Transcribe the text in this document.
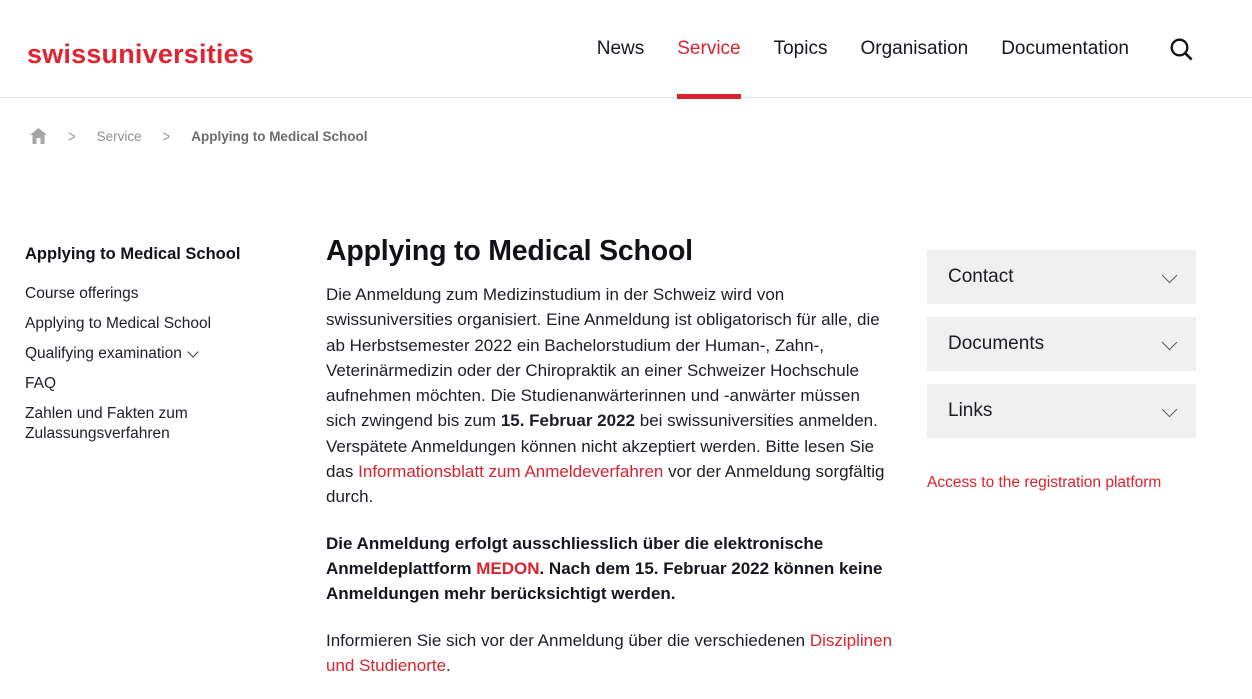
swissuniversities	News Service Topics Organisation Documentation
> Service > Applying to Medical School
Applying to Medical School
Course offerings
Applying to Medical School
Qualifying examination
FAQ
Zahlen und Fakten zum Zulassungsverfahren
Applying to Medical School

Die Anmeldung zum Medizinstudium in der Schweiz wird von swissuniversities organisiert. Eine Anmeldung ist obligatorisch für alle, die ab Herbstsemester 2022 ein Bachelorstudium der Human-, Zahn-, Veterinärmedizin oder der Chiropraktik an einer Schweizer Hochschule aufnehmen möchten. Die Studienanwärterinnen und -anwärter müssen sich zwingend bis zum 15. Februar 2022 bei swissuniversities anmelden. Verspätete Anmeldungen können nicht akzeptiert werden. Bitte lesen Sie das Informationsblatt zum Anmeldeverfahren vor der Anmeldung sorgfältig durch.

Die Anmeldung erfolgt ausschliesslich über die elektronische Anmeldeplattform MEDON. Nach dem 15. Februar 2022 können keine Anmeldungen mehr berücksichtigt werden.

Informieren Sie sich vor der Anmeldung über die verschiedenen Disziplinen und Studienorte.

Contact
Documents
Links
Access to the registration platform
